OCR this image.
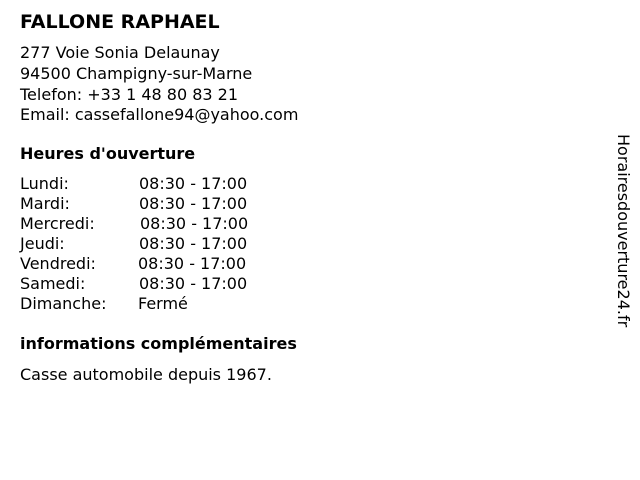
FALLONE RAPHAEL
277 Voie Sonia Delaunay
94500 Champigny-sur-Marne
Telefon: +33 1 48 80 83 21
Email: cassefallone94@yahoo.com
Heures d'ouverture
Lundi:	08:30 - 17:00
Mardi:	08:30 - 17:00
Mercredi:	08:30 - 17:00
Jeudi:	08:30 - 17:00
Vendredi:	08:30 - 17:00
Samedi:	08:30 - 17:00
Dimanche: Fermé
informations complémentaires
Casse automobile depuis 1967.
Horairesdouverture24.fr
